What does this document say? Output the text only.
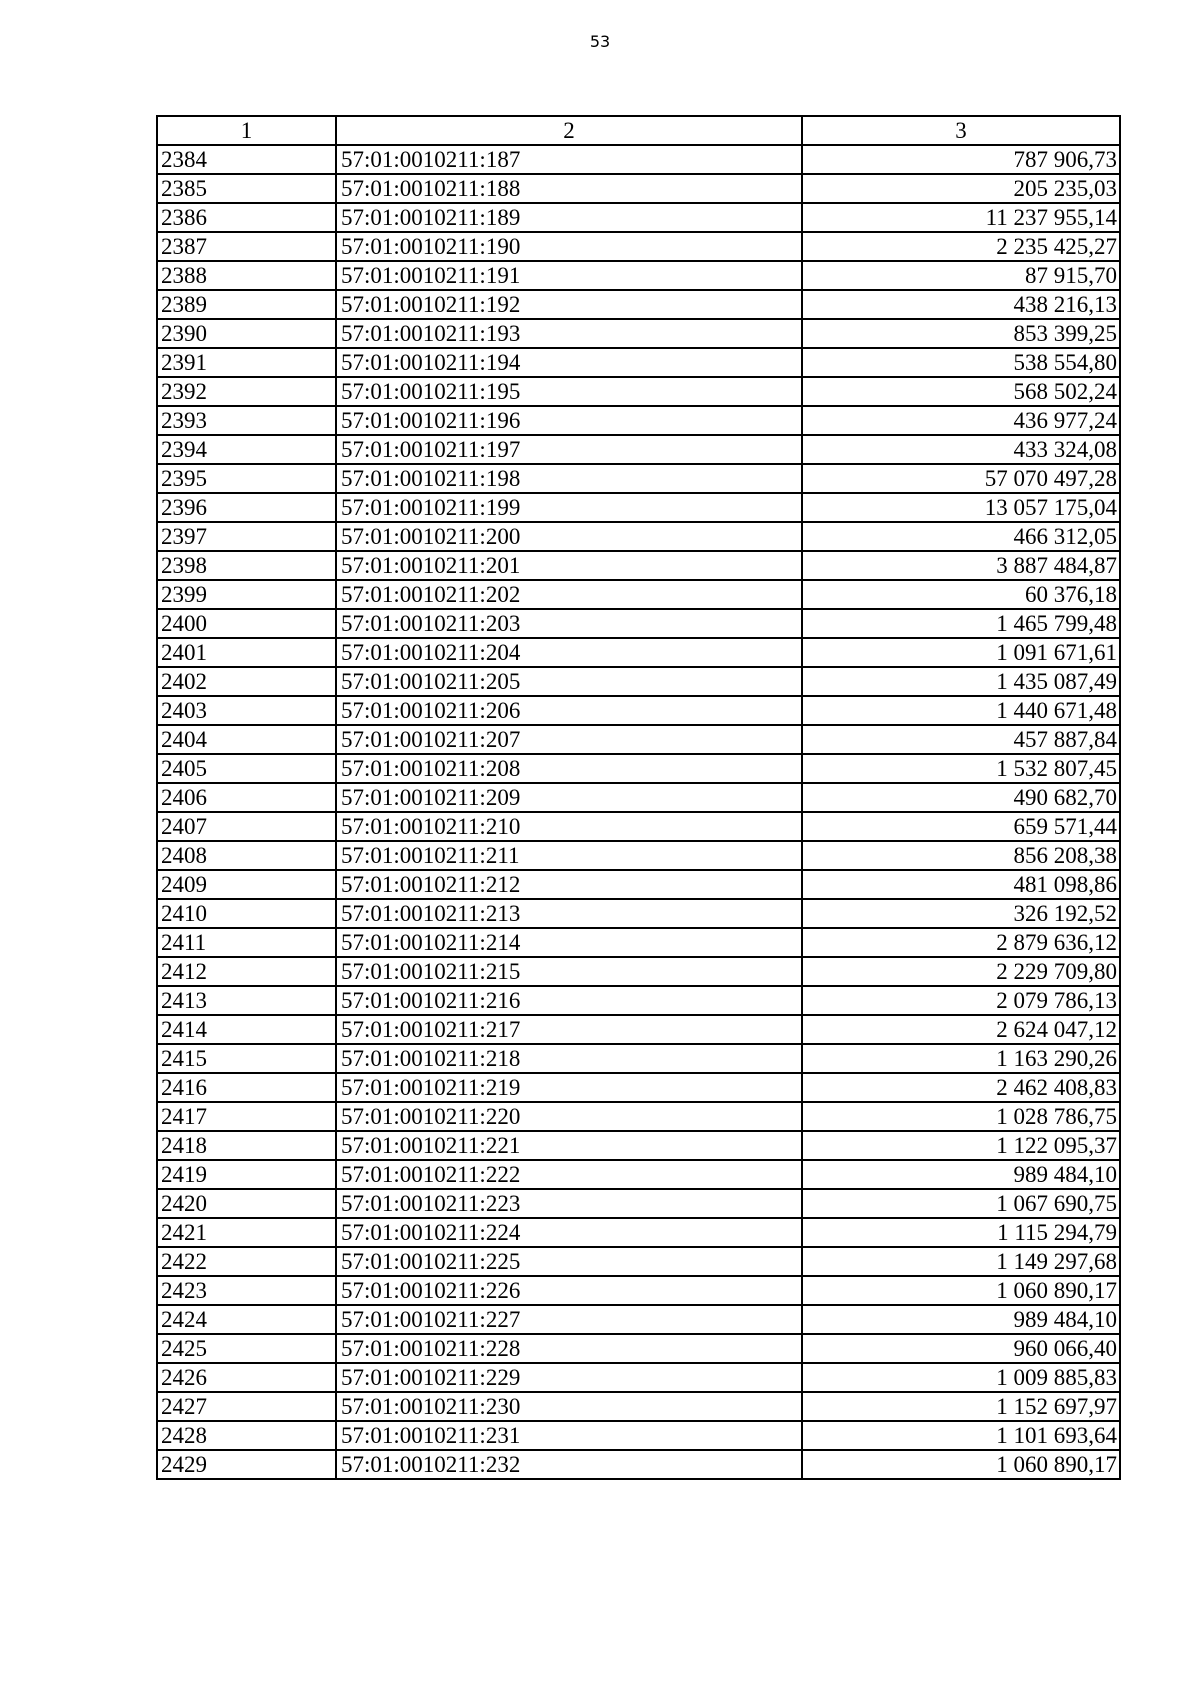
53
1	2	3
2384	57:01:0010211:187	787 906,73
2385	57:01:0010211:188	205 235,03
2386	57:01:0010211:189	11 237 955,14
2387	57:01:0010211:190	2 235 425,27
2388	57:01:0010211:191	87 915,70
2389	57:01:0010211:192	438 216,13
2390	57:01:0010211:193	853 399,25
2391	57:01:0010211:194	538 554,80
2392	57:01:0010211:195	568 502,24
2393	57:01:0010211:196	436 977,24
2394	57:01:0010211:197	433 324,08
2395	57:01:0010211:198	57 070 497,28
2396	57:01:0010211:199	13 057 175,04
2397	57:01:0010211:200	466 312,05
2398	57:01:0010211:201	3 887 484,87
2399	57:01:0010211:202	60 376,18
2400	57:01:0010211:203	1 465 799,48
2401	57:01:0010211:204	1 091 671,61
2402	57:01:0010211:205	1 435 087,49
2403	57:01:0010211:206	1 440 671,48
2404	57:01:0010211:207	457 887,84
2405	57:01:0010211:208	1 532 807,45
2406	57:01:0010211:209	490 682,70
2407	57:01:0010211:210	659 571,44
2408	57:01:0010211:211	856 208,38
2409	57:01:0010211:212	481 098,86
2410	57:01:0010211:213	326 192,52
2411	57:01:0010211:214	2 879 636,12
2412	57:01:0010211:215	2 229 709,80
2413	57:01:0010211:216	2 079 786,13
2414	57:01:0010211:217	2 624 047,12
2415	57:01:0010211:218	1 163 290,26
2416	57:01:0010211:219	2 462 408,83
2417	57:01:0010211:220	1 028 786,75
2418	57:01:0010211:221	1 122 095,37
2419	57:01:0010211:222	989 484,10
2420	57:01:0010211:223	1 067 690,75
2421	57:01:0010211:224	1 115 294,79
2422	57:01:0010211:225	1 149 297,68
2423	57:01:0010211:226	1 060 890,17
2424	57:01:0010211:227	989 484,10
2425	57:01:0010211:228	960 066,40
2426	57:01:0010211:229	1 009 885,83
2427	57:01:0010211:230	1 152 697,97
2428	57:01:0010211:231	1 101 693,64
2429	57:01:0010211:232	1 060 890,17
